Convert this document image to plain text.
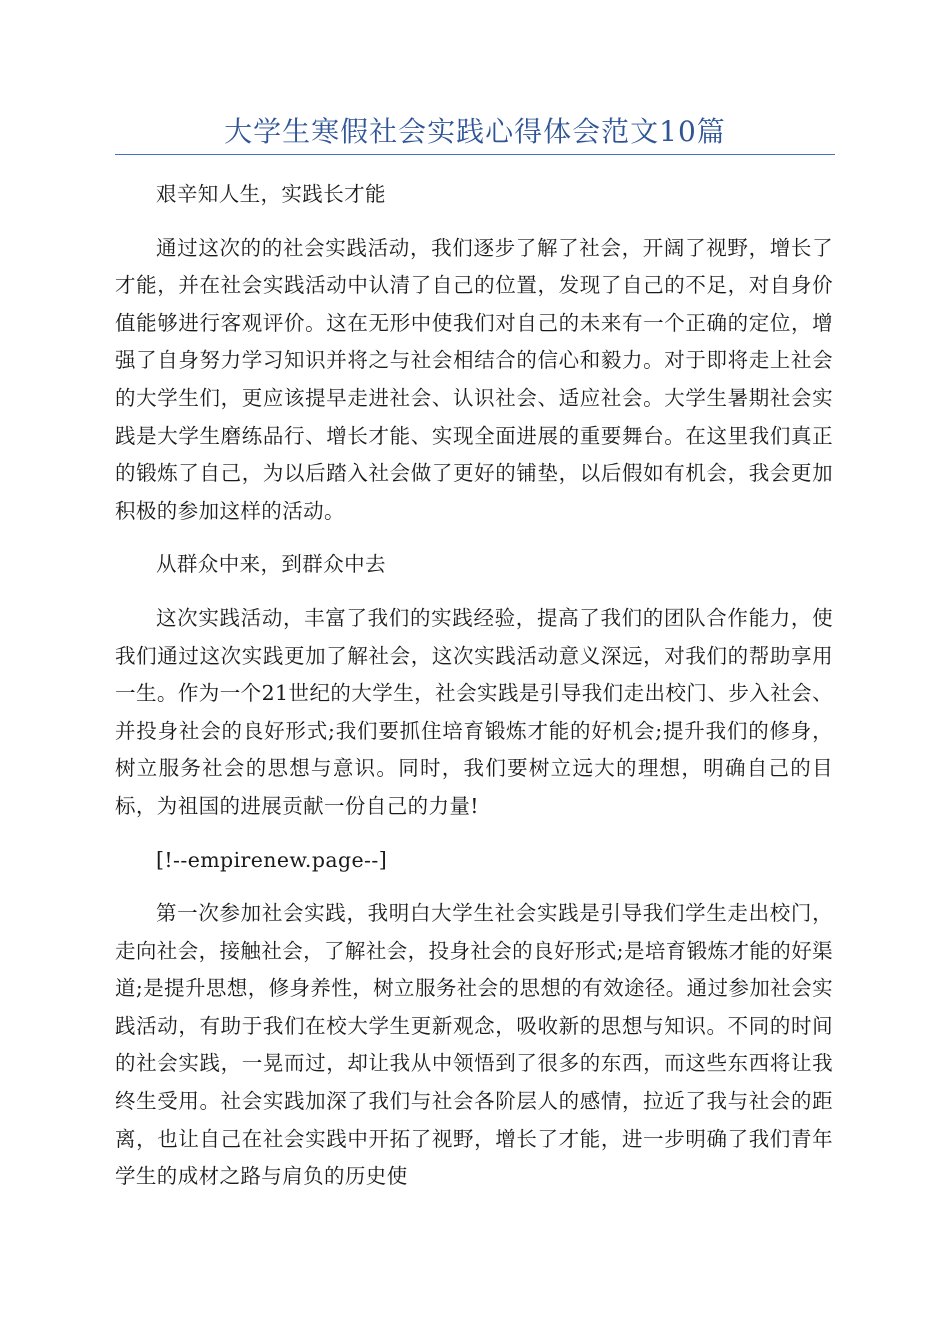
大学生寒假社会实践心得体会范文10篇

艰辛知人生，实践长才能

通过这次的的社会实践活动，我们逐步了解了社会，开阔了视野，增长了才能，并在社会实践活动中认清了自己的位置，发现了自己的不足，对自身价值能够进行客观评价。这在无形中使我们对自己的未来有一个正确的定位，增强了自身努力学习知识并将之与社会相结合的信心和毅力。对于即将走上社会的大学生们，更应该提早走进社会、认识社会、适应社会。大学生暑期社会实践是大学生磨练品行、增长才能、实现全面进展的重要舞台。在这里我们真正的锻炼了自己，为以后踏入社会做了更好的铺垫，以后假如有机会，我会更加积极的参加这样的活动。

从群众中来，到群众中去

这次实践活动，丰富了我们的实践经验，提高了我们的团队合作能力，使我们通过这次实践更加了解社会，这次实践活动意义深远，对我们的帮助享用一生。作为一个21世纪的大学生，社会实践是引导我们走出校门、步入社会、并投身社会的良好形式;我们要抓住培育锻炼才能的好机会;提升我们的修身，树立服务社会的思想与意识。同时，我们要树立远大的理想，明确自己的目标，为祖国的进展贡献一份自己的力量!

[!--empirenew.page--]

第一次参加社会实践，我明白大学生社会实践是引导我们学生走出校门，走向社会，接触社会，了解社会，投身社会的良好形式;是培育锻炼才能的好渠道;是提升思想，修身养性，树立服务社会的思想的有效途径。通过参加社会实践活动，有助于我们在校大学生更新观念，吸收新的思想与知识。不同的时间的社会实践，一晃而过，却让我从中领悟到了很多的东西，而这些东西将让我终生受用。社会实践加深了我们与社会各阶层人的感情，拉近了我与社会的距离，也让自己在社会实践中开拓了视野，增长了才能，进一步明确了我们青年学生的成材之路与肩负的历史使
